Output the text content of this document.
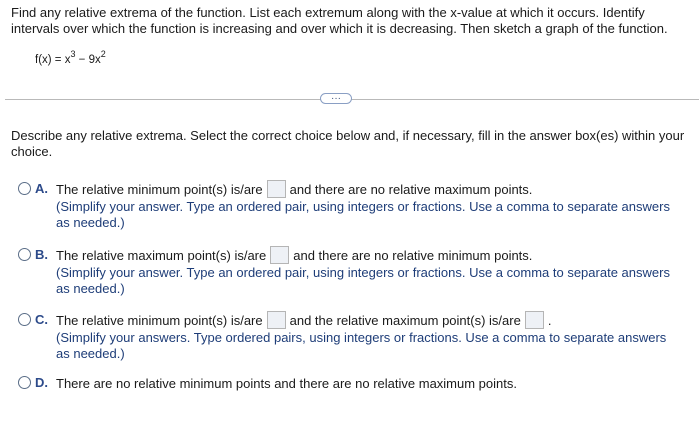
Find any relative extrema of the function. List each extremum along with the x-value at which it occurs. Identify intervals over which the function is increasing and over which it is decreasing. Then sketch a graph of the function.
$f(x) = x^3 - 9x^2$
···
Describe any relative extrema. Select the correct choice below and, if necessary, fill in the answer box(es) within your choice.
A. The relative minimum point(s) is/are and there are no relative maximum points.
(Simplify your answer. Type an ordered pair, using integers or fractions. Use a comma to separate answers as needed.)
B. The relative maximum point(s) is/are and there are no relative minimum points.
(Simplify your answer. Type an ordered pair, using integers or fractions. Use a comma to separate answers as needed.)
C. The relative minimum point(s) is/are and the relative maximum point(s) is/are .
(Simplify your answers. Type ordered pairs, using integers or fractions. Use a comma to separate answers as needed.)
D. There are no relative minimum points and there are no relative maximum points.
